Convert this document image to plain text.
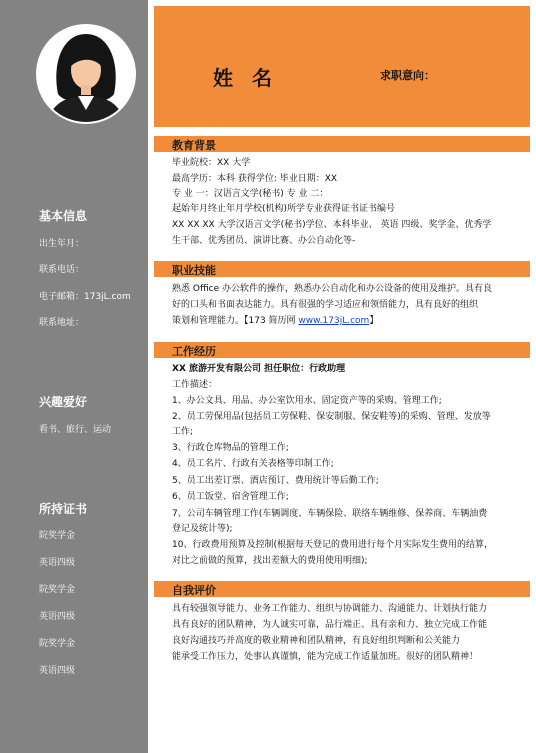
基本信息
出生年月：
联系电话：
电子邮箱：173jL.com
联系地址：
兴趣爱好
看书、旅行、运动
所持证书
院奖学金
英语四级
院奖学金
英语四级
院奖学金
英语四级
姓 名	求职意向：
教育背景
毕业院校：XX 大学
最高学历：本科 获得学位: 毕业日期：XX
专 业 一：汉语言文学(秘书) 专 业 二：
起始年月终止年月学校(机构)所学专业获得证书证书编号
XX XX XX 大学汉语言文学(秘书)学位、本科毕业、 英语 四级、奖学金、优秀学
生干部、优秀团员、演讲比赛、办公自动化等-
职业技能
熟悉 Office 办公软件的操作，熟悉办公自动化和办公设备的使用及维护。具有良
好的口头和书面表达能力。具有很强的学习适应和领悟能力，具有良好的组织
策划和管理能力。【173 简历网 www.173jL.com】
工作经历
XX 旅游开发有限公司 担任职位：行政助理
工作描述：
1、办公文具、用品、办公室饮用水、固定资产等的采购、管理工作;
2、员工劳保用品(包括员工劳保鞋、保安制服、保安鞋等)的采购、管理、发放等
工作;
3、行政仓库物品的管理工作;
4、员工名片、行政有关表格等印制工作;
5、员工出差订票、酒店预订、费用统计等后勤工作;
6、员工饭堂、宿舍管理工作;
7、公司车辆管理工作(车辆调度、车辆保险、联络车辆维修、保养商、车辆油费
登记及统计等);
10、行政费用预算及控制(根据每天登记的费用进行每个月实际发生费用的结算，
对比之前做的预算，找出差额大的费用使用明细);
自我评价
具有较强领导能力、业务工作能力、组织与协调能力、沟通能力、计划执行能力
具有良好的团队精神，为人诚实可靠，品行端正、具有亲和力、独立完成工作能
良好沟通技巧并高度的敬业精神和团队精神，有良好组织判断和公关能力
能承受工作压力，处事认真谨慎，能为完成工作适量加班。很好的团队精神！
